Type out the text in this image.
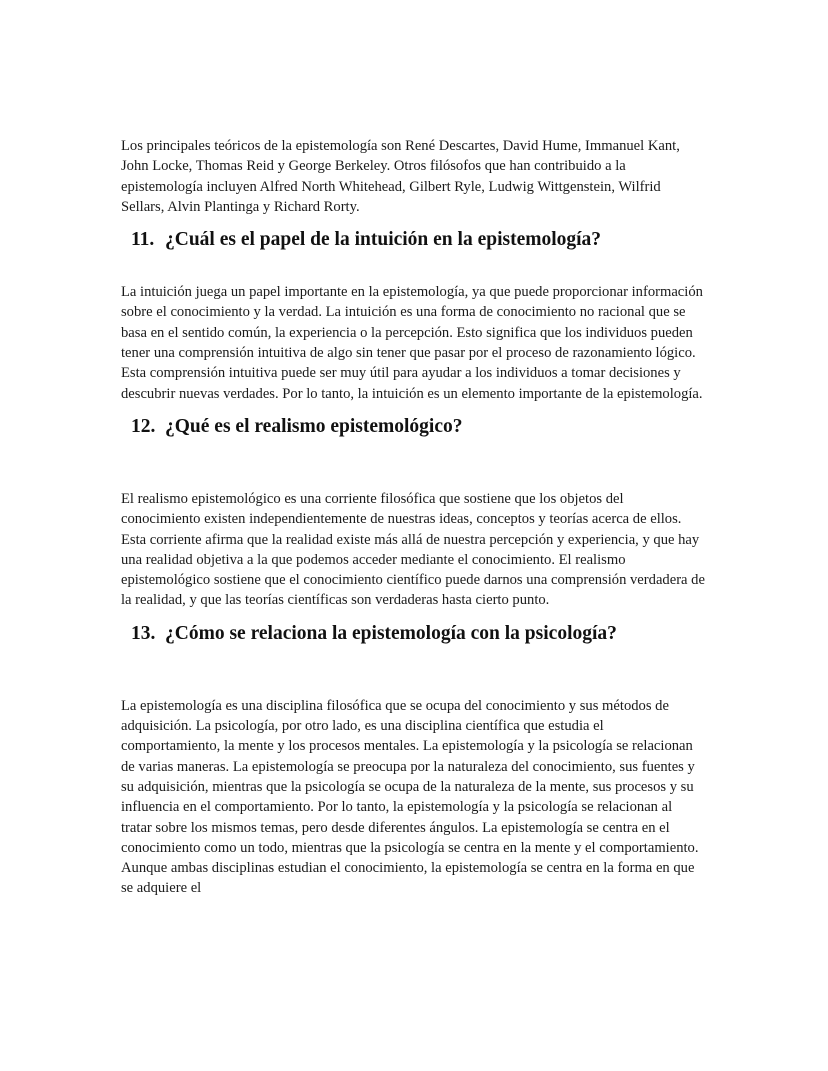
Los principales teóricos de la epistemología son René Descartes, David Hume, Immanuel Kant, John Locke, Thomas Reid y George Berkeley. Otros filósofos que han contribuido a la epistemología incluyen Alfred North Whitehead, Gilbert Ryle, Ludwig Wittgenstein, Wilfrid Sellars, Alvin Plantinga y Richard Rorty.

11. ¿Cuál es el papel de la intuición en la epistemología?

La intuición juega un papel importante en la epistemología, ya que puede proporcionar información sobre el conocimiento y la verdad. La intuición es una forma de conocimiento no racional que se basa en el sentido común, la experiencia o la percepción. Esto significa que los individuos pueden tener una comprensión intuitiva de algo sin tener que pasar por el proceso de razonamiento lógico. Esta comprensión intuitiva puede ser muy útil para ayudar a los individuos a tomar decisiones y descubrir nuevas verdades. Por lo tanto, la intuición es un elemento importante de la epistemología.

12. ¿Qué es el realismo epistemológico?

El realismo epistemológico es una corriente filosófica que sostiene que los objetos del conocimiento existen independientemente de nuestras ideas, conceptos y teorías acerca de ellos. Esta corriente afirma que la realidad existe más allá de nuestra percepción y experiencia, y que hay una realidad objetiva a la que podemos acceder mediante el conocimiento. El realismo epistemológico sostiene que el conocimiento científico puede darnos una comprensión verdadera de la realidad, y que las teorías científicas son verdaderas hasta cierto punto.

13. ¿Cómo se relaciona la epistemología con la psicología?

La epistemología es una disciplina filosófica que se ocupa del conocimiento y sus métodos de adquisición. La psicología, por otro lado, es una disciplina científica que estudia el comportamiento, la mente y los procesos mentales. La epistemología y la psicología se relacionan de varias maneras. La epistemología se preocupa por la naturaleza del conocimiento, sus fuentes y su adquisición, mientras que la psicología se ocupa de la naturaleza de la mente, sus procesos y su influencia en el comportamiento. Por lo tanto, la epistemología y la psicología se relacionan al tratar sobre los mismos temas, pero desde diferentes ángulos. La epistemología se centra en el conocimiento como un todo, mientras que la psicología se centra en la mente y el comportamiento. Aunque ambas disciplinas estudian el conocimiento, la epistemología se centra en la forma en que se adquiere el
